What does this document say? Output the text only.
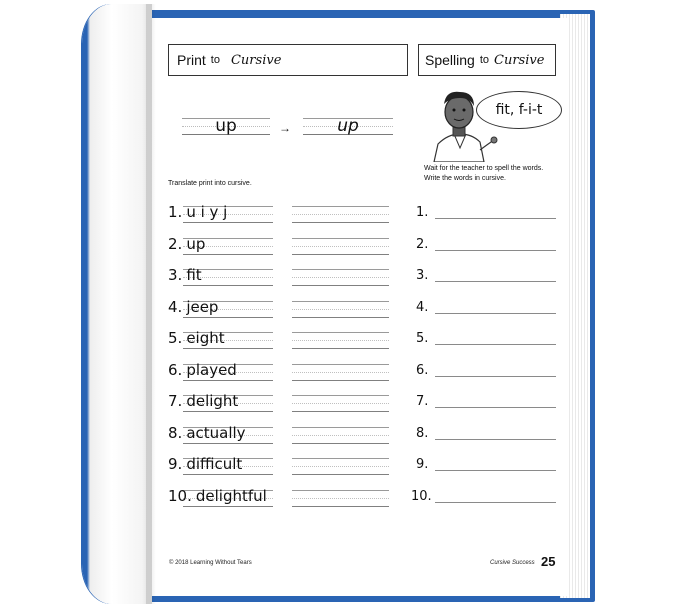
Print to Cursive	Spelling to Cursive
up	→	up
fit, f-i-t
Translate print into cursive.
Wait for the teacher to spell the words.
Write the words in cursive.
1. u i y j	1.
2. up	2.
3. fit	3.
4. jeep	4.
5. eight	5.
6. played	6.
7. delight	7.
8. actually	8.
9. difficult	9.
10. delightful	10.
© 2018 Learning Without Tears	Cursive Success 25
